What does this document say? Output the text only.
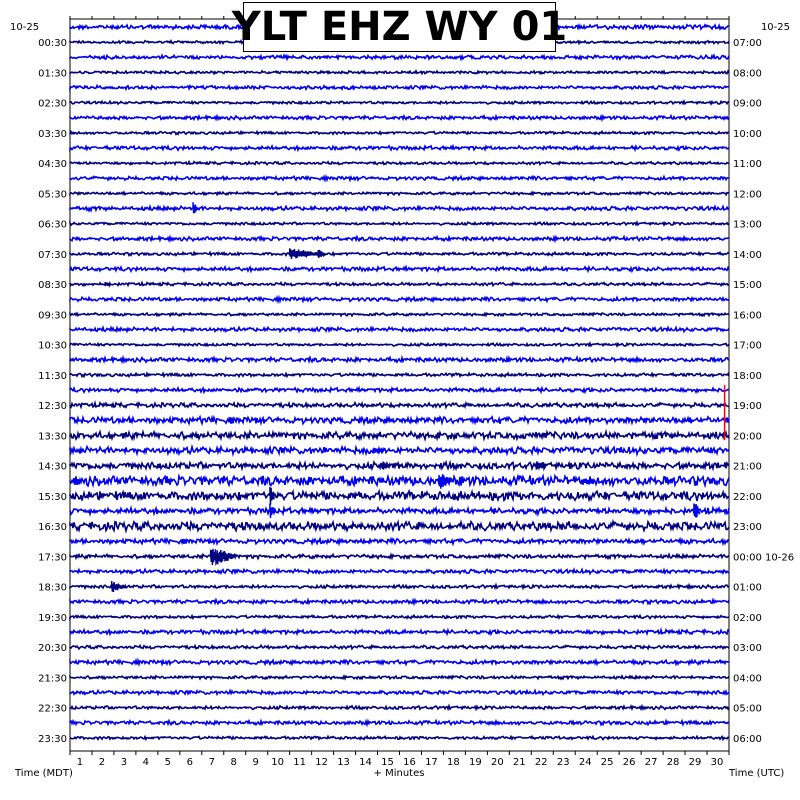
1 2 3 4 5 6 7 8 9 10 11 12 13 14 15 16 17 18 19 20 21 22 23 24 25 26 27 28 29 30
00:30
01:30
02:30
03:30
04:30
05:30
06:30
07:30
08:30
09:30
10:30
11:30
12:30
13:30
14:30
15:30
16:30
17:30
18:30
19:30
20:30
21:30
22:30
23:30
07:00
08:00
09:00
10:00
11:00
12:00
13:00
14:00
15:00
16:00
17:00
18:00
19:00
20:00
21:00
22:00
23:00
00:00 10-26
01:00
02:00
03:00
04:00
05:00
06:00
10-25	10-25
Time (MDT)	+ Minutes	Time (UTC)
YLT EHZ WY 01
